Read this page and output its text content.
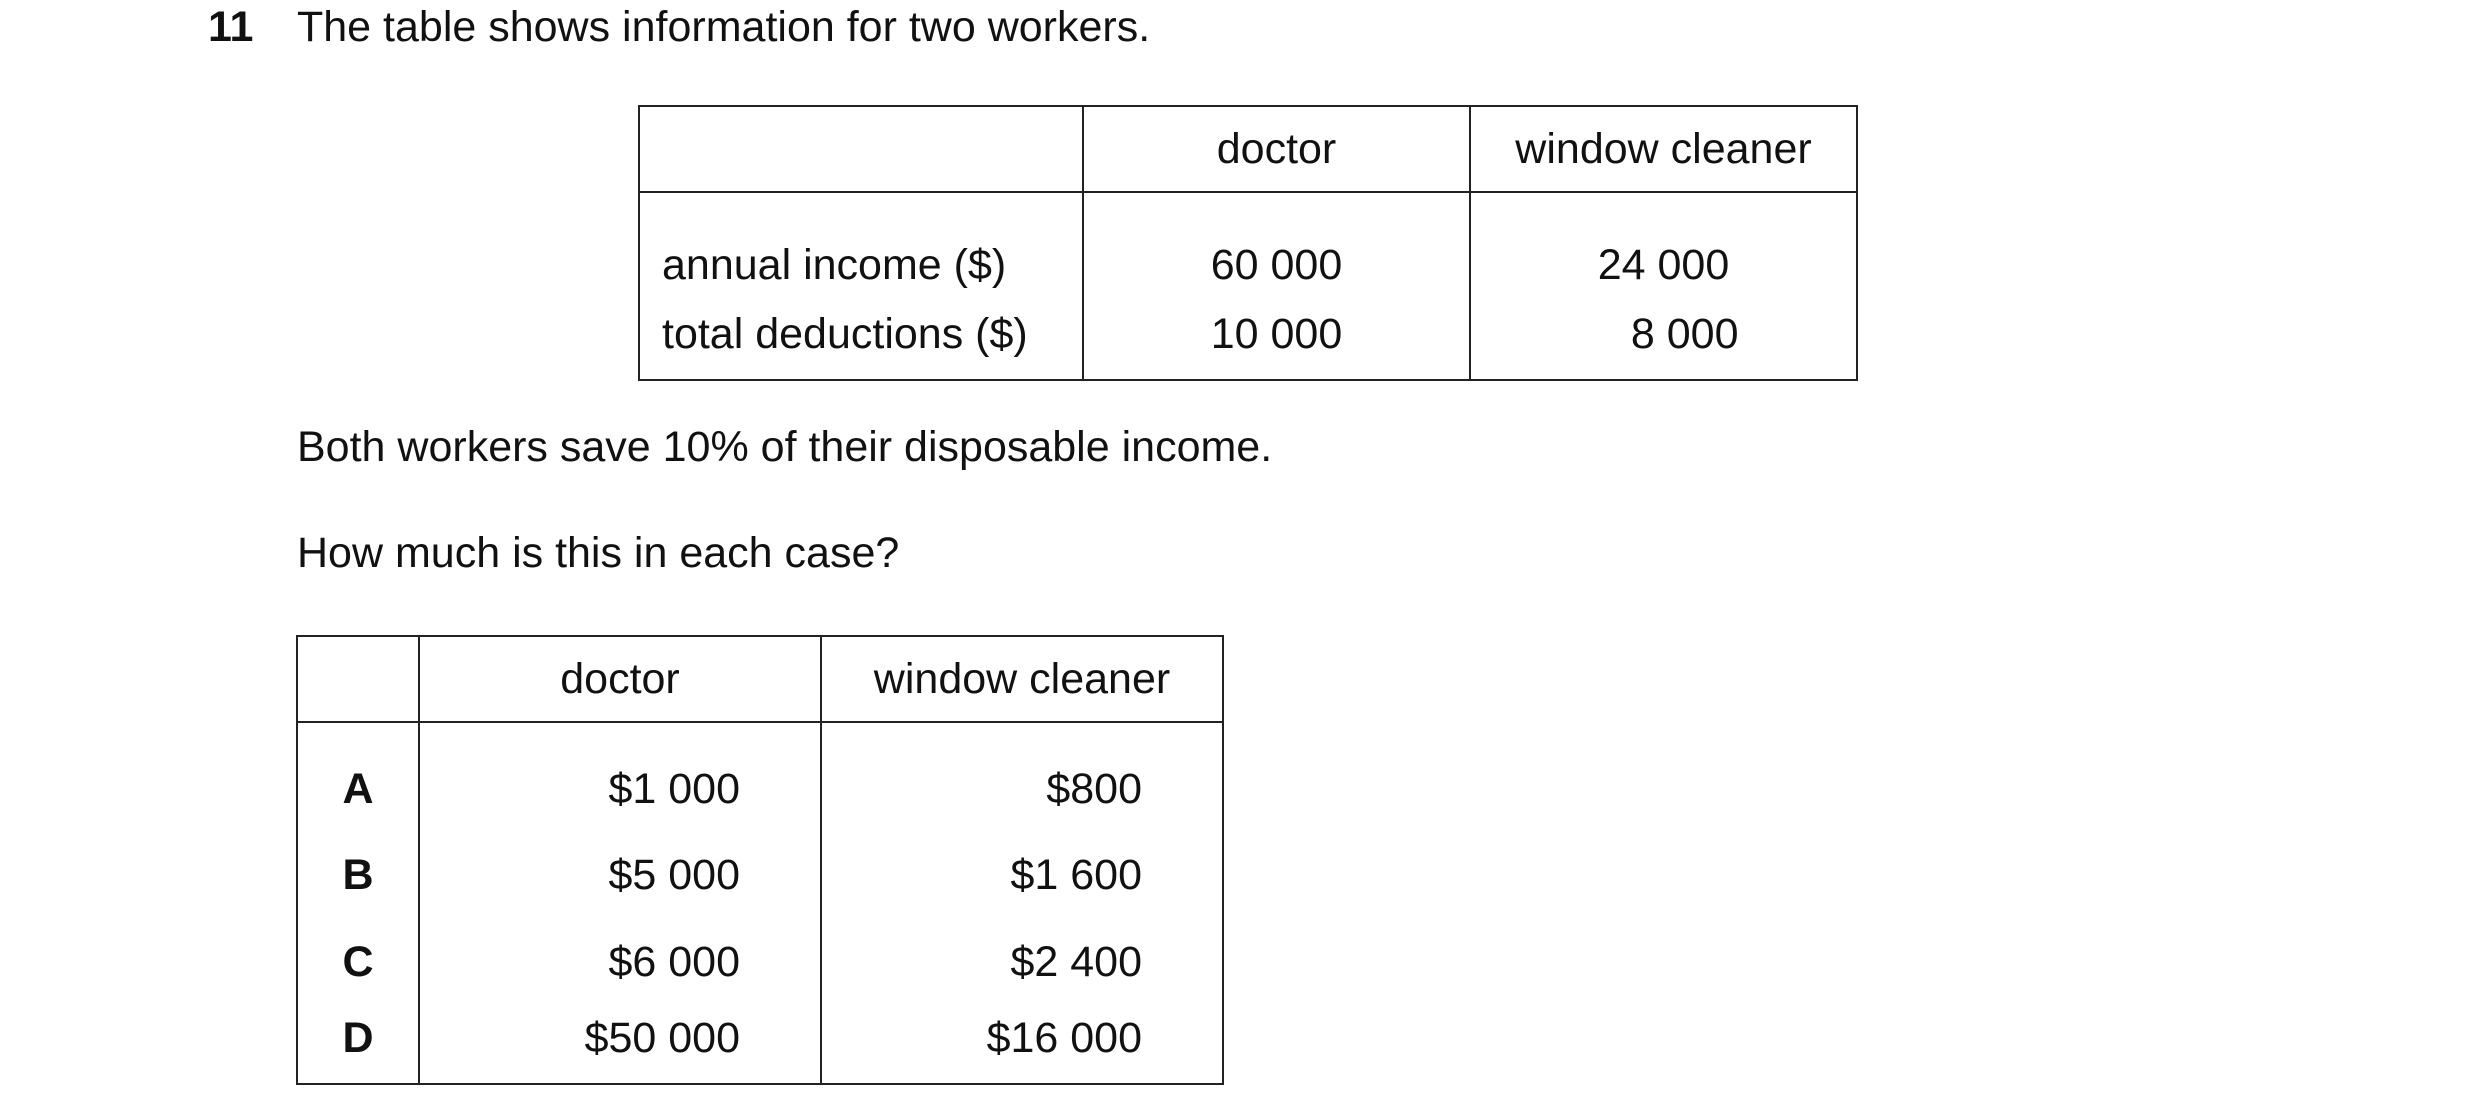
11 The table shows information for two workers.
	doctor	window cleaner
annual income ($)	60 000	24 000
total deductions ($)	10 000	8 000
Both workers save 10% of their disposable income.
How much is this in each case?
	doctor	window cleaner
A	$1 000	$800
B	$5 000	$1 600
C	$6 000	$2 400
D	$50 000	$16 000
